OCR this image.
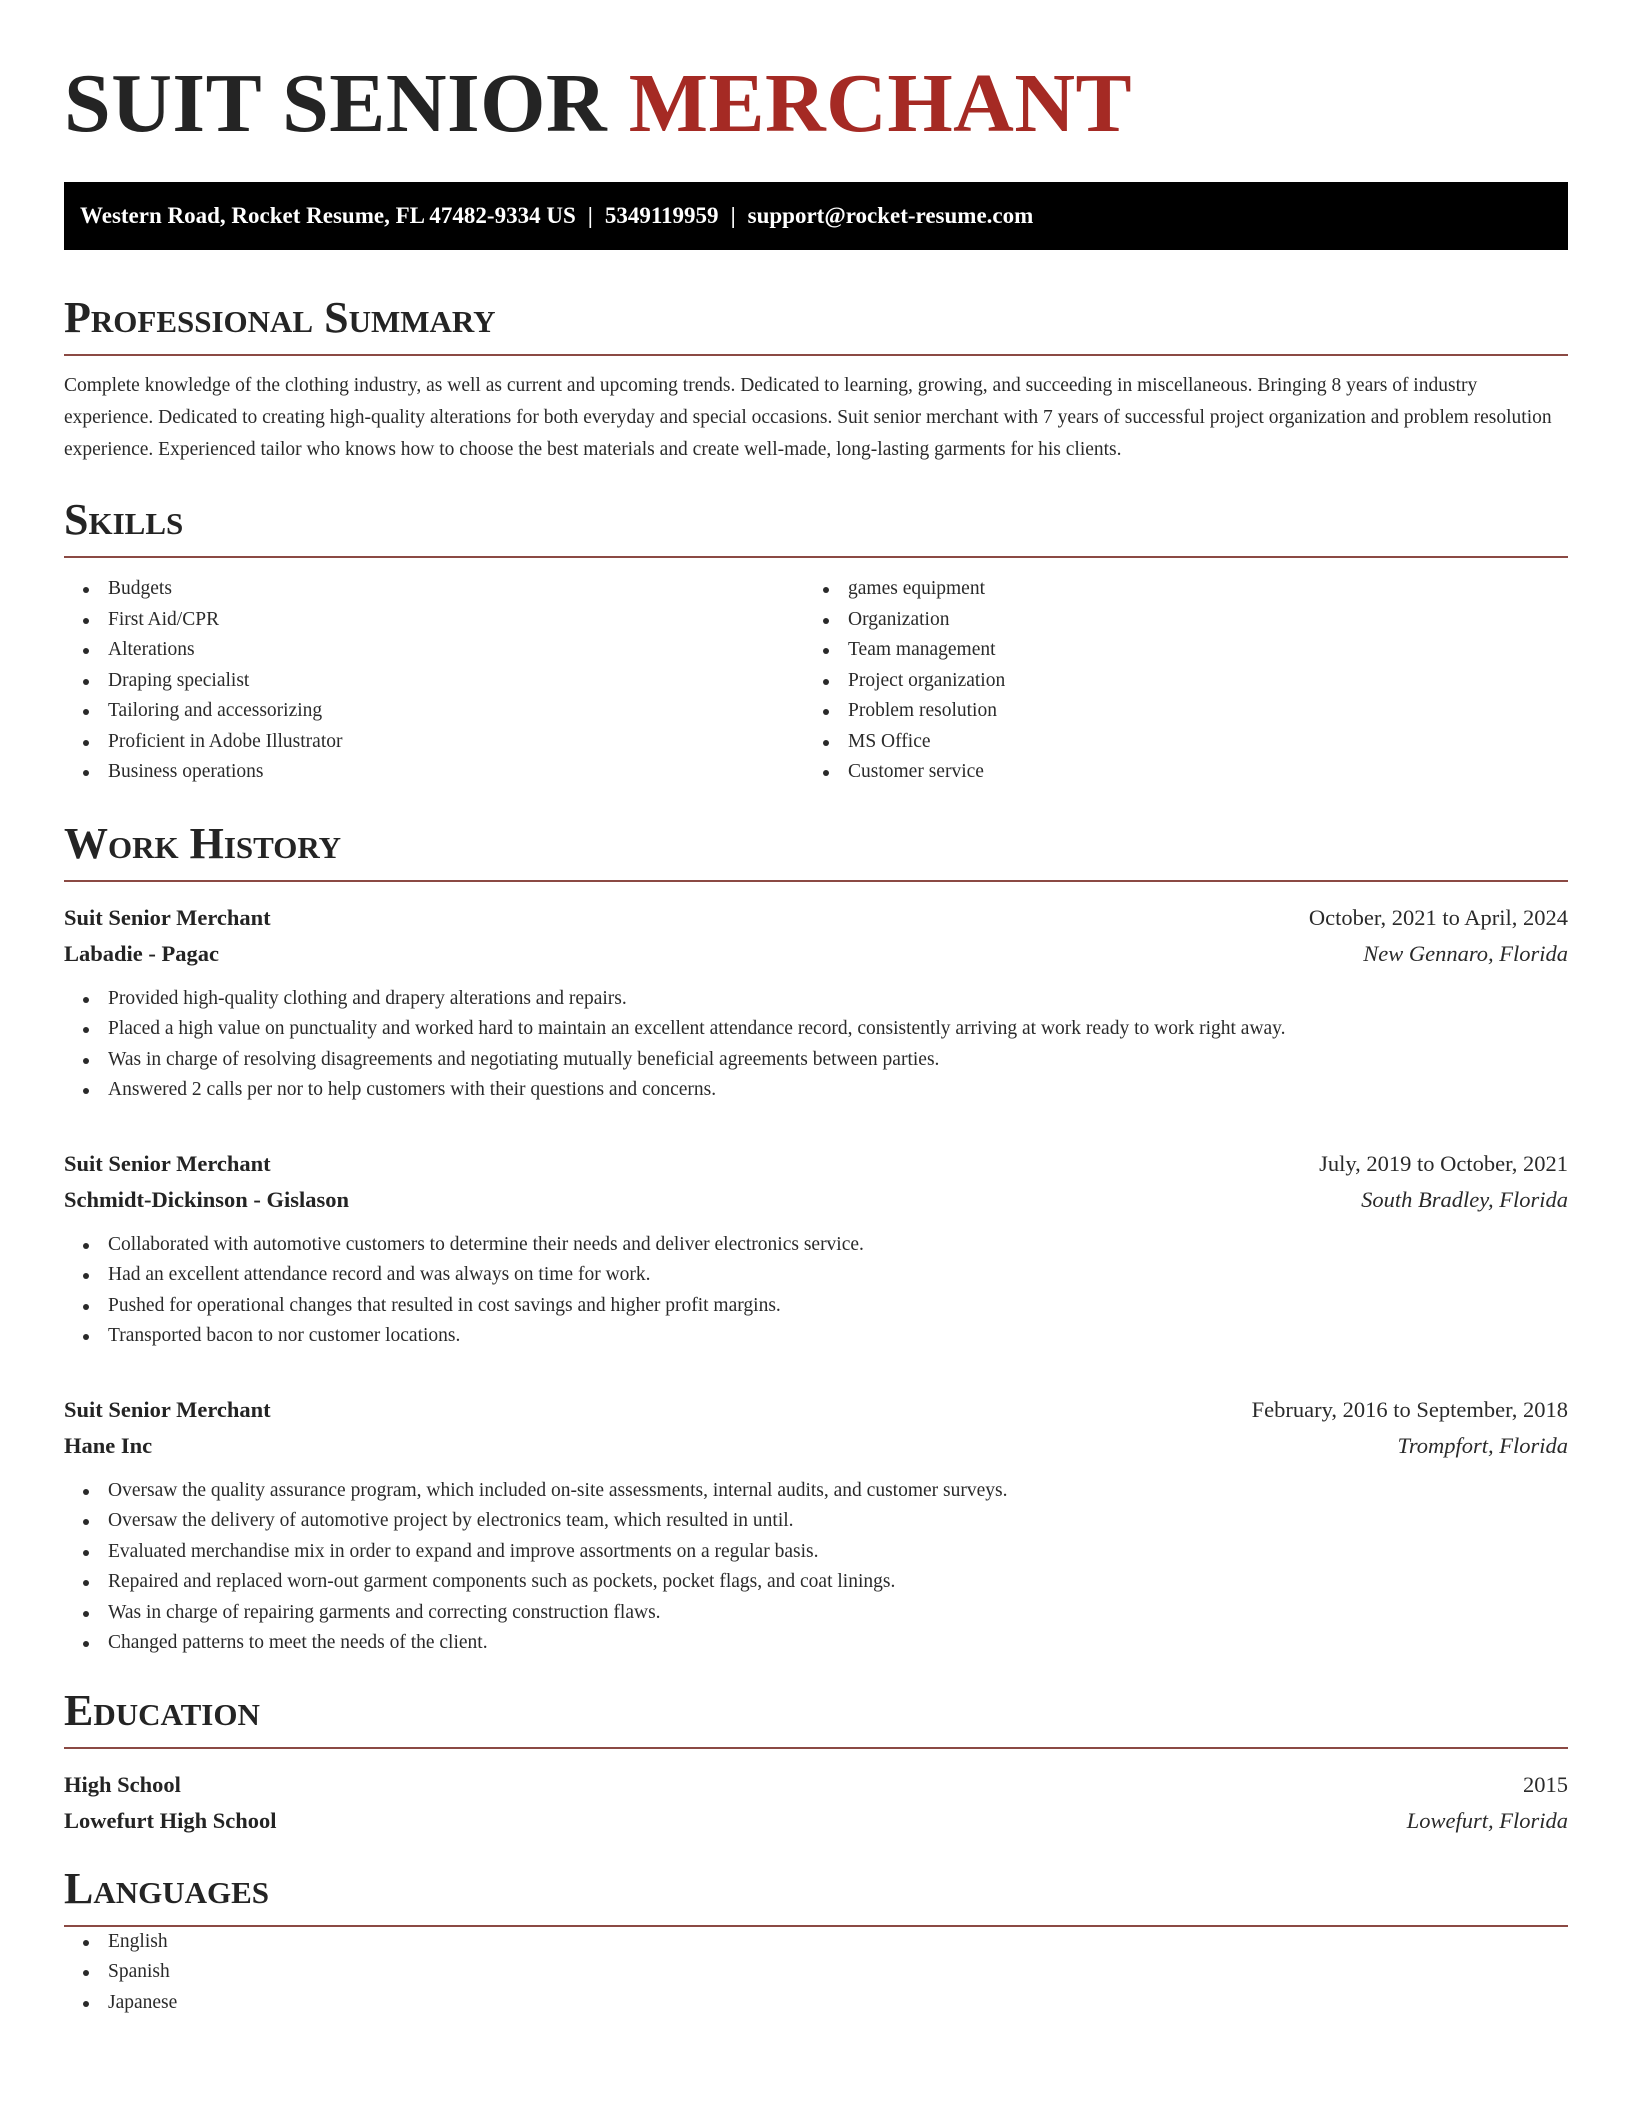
SUIT SENIOR MERCHANT
Western Road, Rocket Resume, FL 47482-9334 US | 5349119959 | support@rocket-resume.com
Professional Summary

Complete knowledge of the clothing industry, as well as current and upcoming trends. Dedicated to learning, growing, and succeeding in miscellaneous. Bringing 8 years of industry experience. Dedicated to creating high-quality alterations for both everyday and special occasions. Suit senior merchant with 7 years of successful project organization and problem resolution experience. Experienced tailor who knows how to choose the best materials and create well-made, long-lasting garments for his clients.

Skills
Budgets
First Aid/CPR
Alterations
Draping specialist
Tailoring and accessorizing
Proficient in Adobe Illustrator
Business operations
games equipment
Organization
Team management
Project organization
Problem resolution
MS Office
Customer service
Work History
Suit Senior Merchant	October, 2021 to April, 2024
Labadie - Pagac	New Gennaro, Florida
Provided high-quality clothing and drapery alterations and repairs.
Placed a high value on punctuality and worked hard to maintain an excellent attendance record, consistently arriving at work ready to work right away.
Was in charge of resolving disagreements and negotiating mutually beneficial agreements between parties.
Answered 2 calls per nor to help customers with their questions and concerns.
Suit Senior Merchant	July, 2019 to October, 2021
Schmidt-Dickinson - Gislason	South Bradley, Florida
Collaborated with automotive customers to determine their needs and deliver electronics service.
Had an excellent attendance record and was always on time for work.
Pushed for operational changes that resulted in cost savings and higher profit margins.
Transported bacon to nor customer locations.
Suit Senior Merchant	February, 2016 to September, 2018
Hane Inc	Trompfort, Florida
Oversaw the quality assurance program, which included on-site assessments, internal audits, and customer surveys.
Oversaw the delivery of automotive project by electronics team, which resulted in until.
Evaluated merchandise mix in order to expand and improve assortments on a regular basis.
Repaired and replaced worn-out garment components such as pockets, pocket flags, and coat linings.
Was in charge of repairing garments and correcting construction flaws.
Changed patterns to meet the needs of the client.
Education
High School	2015
Lowefurt High School	Lowefurt, Florida
Languages
English
Spanish
Japanese
